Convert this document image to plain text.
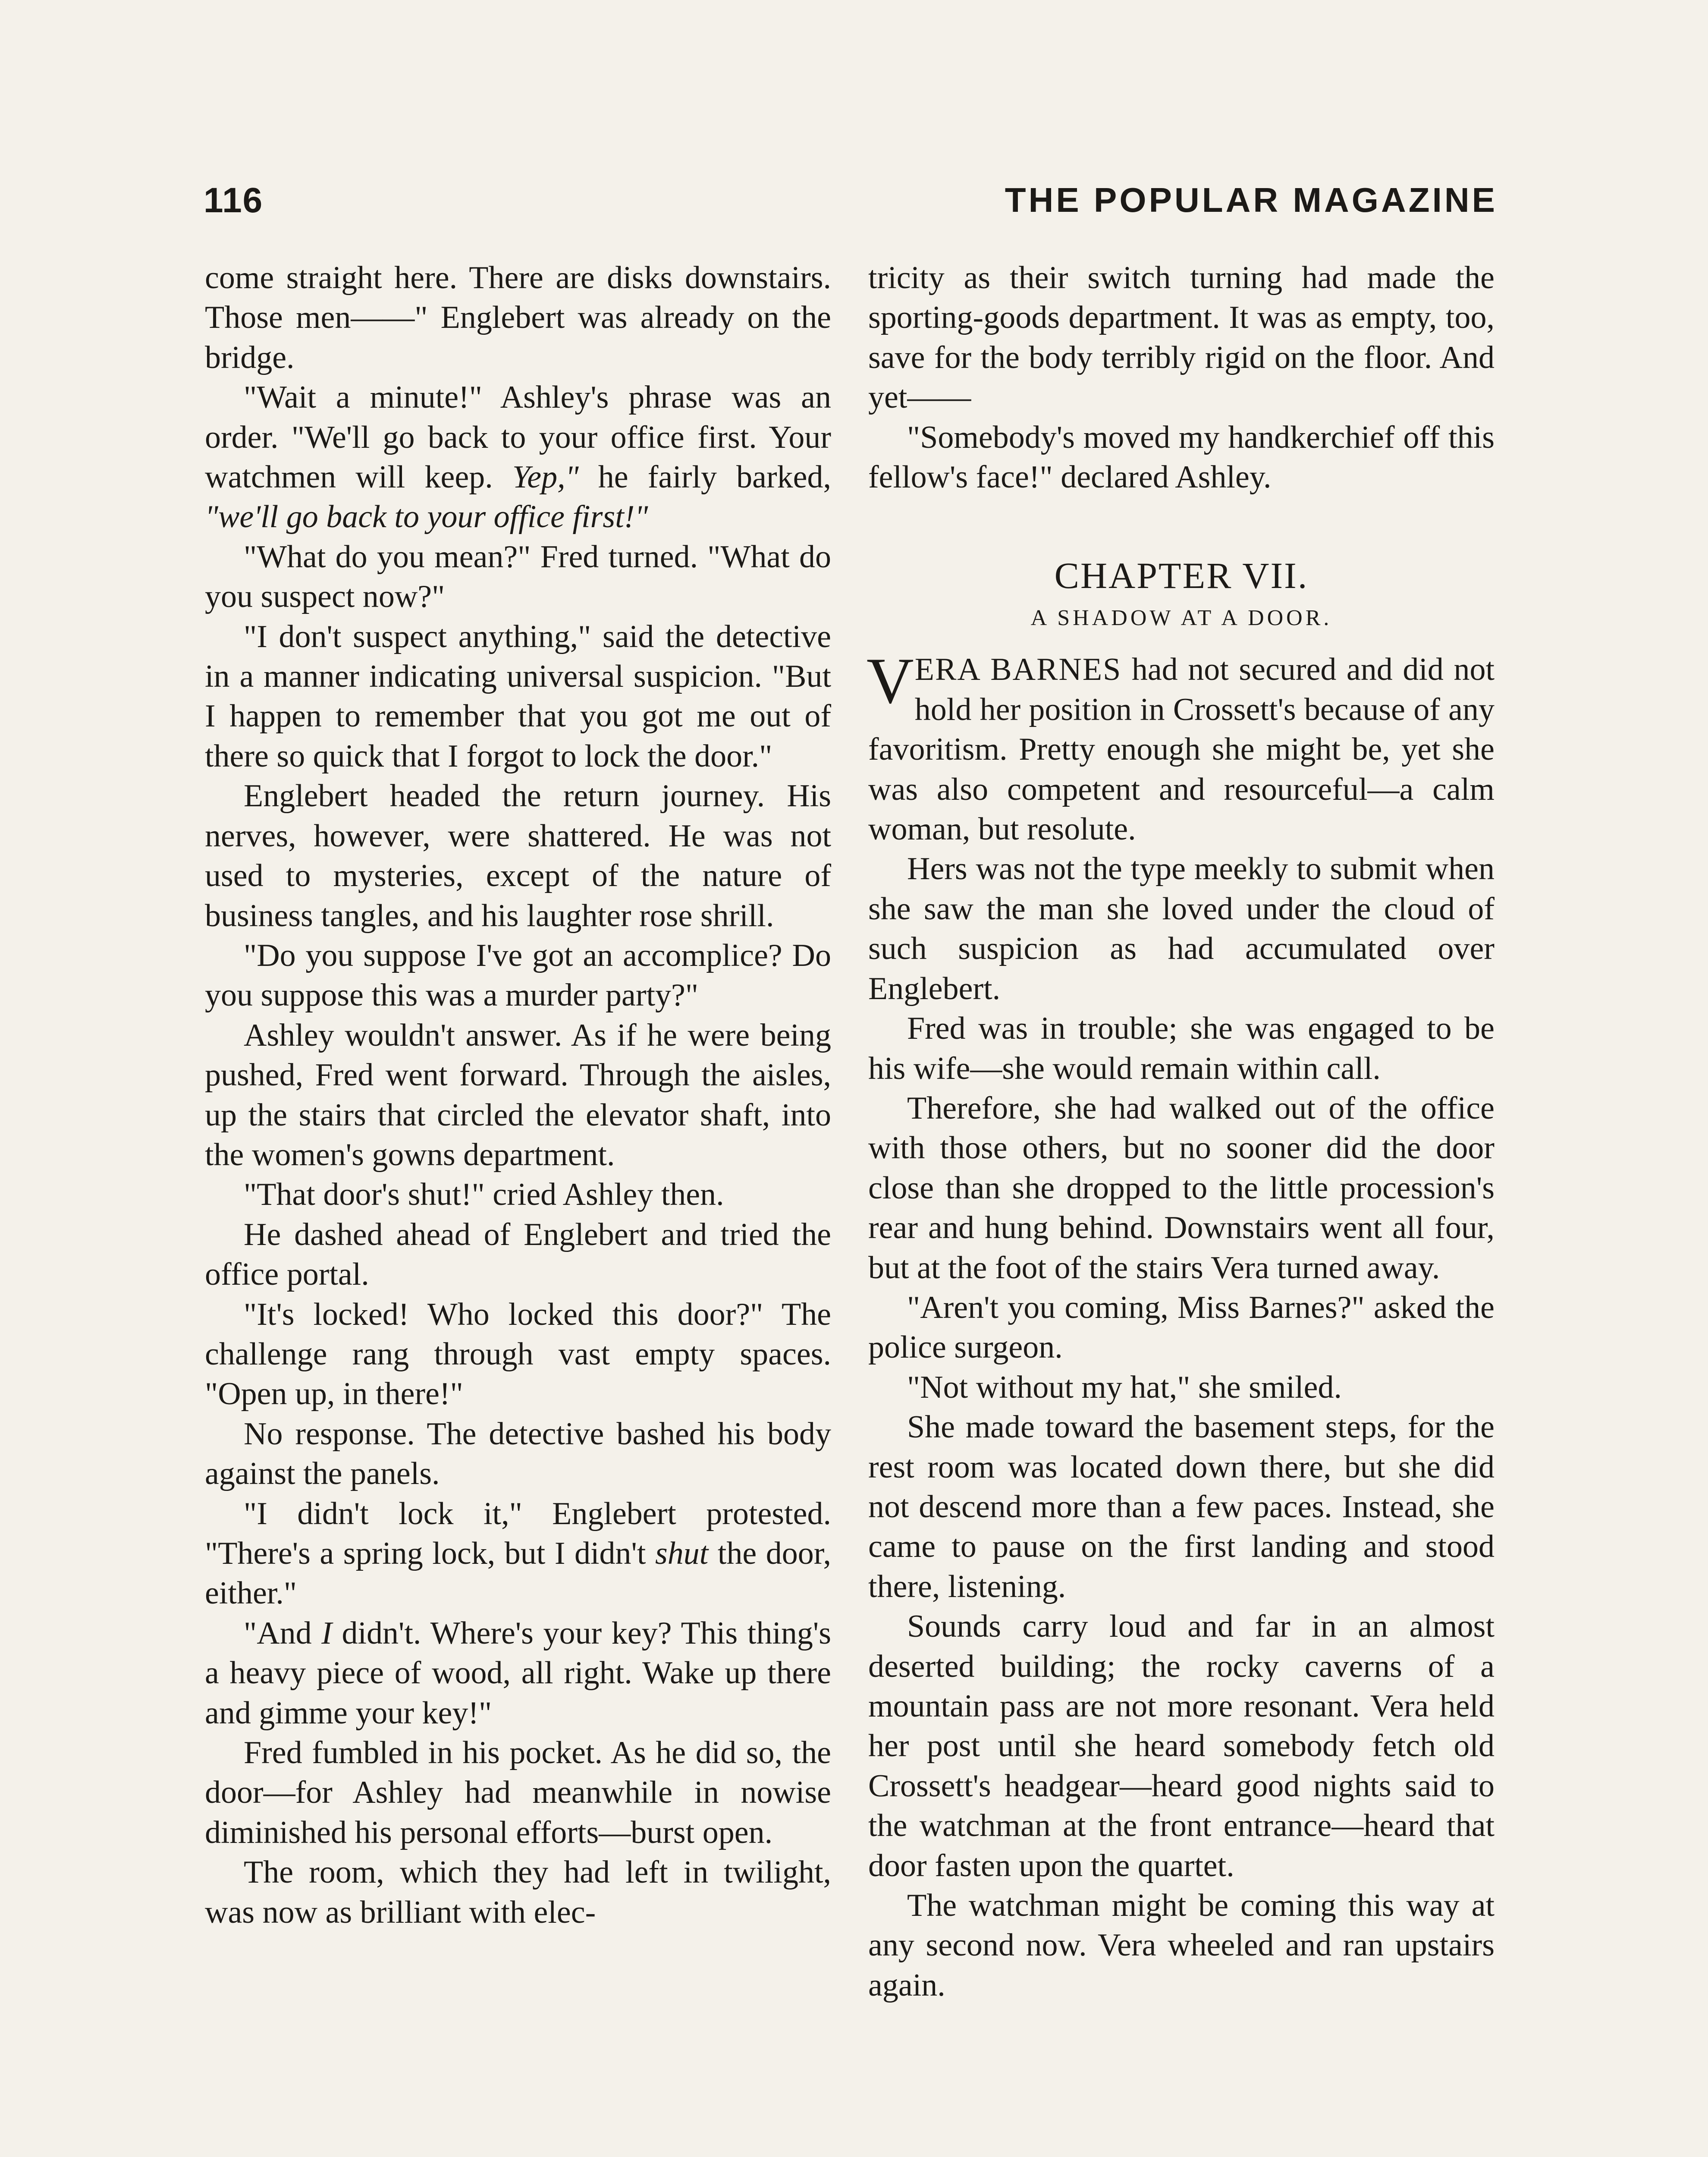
116	THE POPULAR MAGAZINE

come straight here. There are disks downstairs. Those men——" Englebert was already on the bridge.

"Wait a minute!" Ashley's phrase was an order. "We'll go back to your office first. Your watchmen will keep. Yep," he fairly barked, "we'll go back to your office first!"

"What do you mean?" Fred turned. "What do you suspect now?"

"I don't suspect anything," said the detective in a manner indicating universal suspicion. "But I happen to remember that you got me out of there so quick that I forgot to lock the door."

Englebert headed the return journey. His nerves, however, were shattered. He was not used to mysteries, except of the nature of business tangles, and his laughter rose shrill.

"Do you suppose I've got an accomplice? Do you suppose this was a murder party?"

Ashley wouldn't answer. As if he were being pushed, Fred went forward. Through the aisles, up the stairs that circled the elevator shaft, into the women's gowns department.

"That door's shut!" cried Ashley then.

He dashed ahead of Englebert and tried the office portal.

"It's locked! Who locked this door?" The challenge rang through vast empty spaces. "Open up, in there!"

No response. The detective bashed his body against the panels.

"I didn't lock it," Englebert protested. "There's a spring lock, but I didn't shut the door, either."

"And I didn't. Where's your key? This thing's a heavy piece of wood, all right. Wake up there and gimme your key!"

Fred fumbled in his pocket. As he did so, the door—for Ashley had meanwhile in nowise diminished his personal efforts—burst open.

The room, which they had left in twilight, was now as brilliant with elec-

tricity as their switch turning had made the sporting-goods department. It was as empty, too, save for the body terribly rigid on the floor. And yet——

"Somebody's moved my handkerchief off this fellow's face!" declared Ashley.

CHAPTER VII.
A SHADOW AT A DOOR.

VERA BARNES had not secured and did not hold her position in Crossett's because of any favoritism. Pretty enough she might be, yet she was also competent and resourceful—a calm woman, but resolute.

Hers was not the type meekly to submit when she saw the man she loved under the cloud of such suspicion as had accumulated over Englebert.

Fred was in trouble; she was engaged to be his wife—she would remain within call.

Therefore, she had walked out of the office with those others, but no sooner did the door close than she dropped to the little procession's rear and hung behind. Downstairs went all four, but at the foot of the stairs Vera turned away.

"Aren't you coming, Miss Barnes?" asked the police surgeon.

"Not without my hat," she smiled.

She made toward the basement steps, for the rest room was located down there, but she did not descend more than a few paces. Instead, she came to pause on the first landing and stood there, listening.

Sounds carry loud and far in an almost deserted building; the rocky caverns of a mountain pass are not more resonant. Vera held her post until she heard somebody fetch old Crossett's headgear—heard good nights said to the watchman at the front entrance—heard that door fasten upon the quartet.

The watchman might be coming this way at any second now. Vera wheeled and ran upstairs again.
